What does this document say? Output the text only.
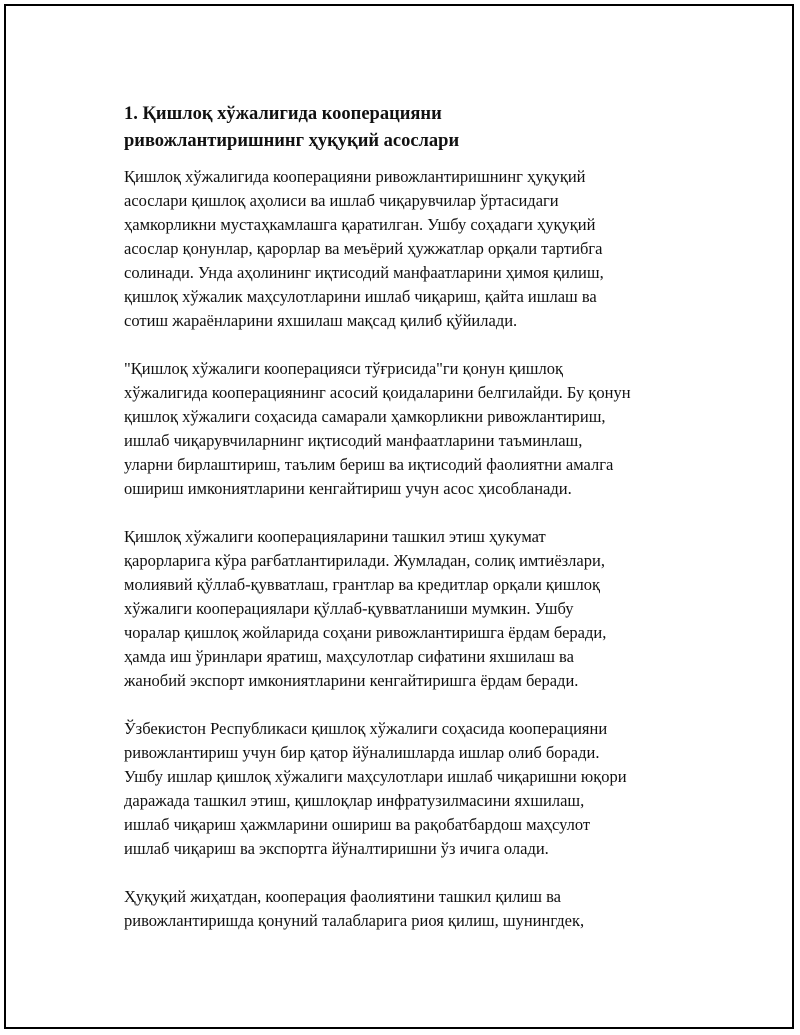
1. Қишлоқ хўжалигида кооперацияни
ривожлантиришнинг ҳуқуқий асослари

Қишлоқ хўжалигида кооперацияни ривожлантиришнинг ҳуқуқий
асослари қишлоқ аҳолиси ва ишлаб чиқарувчилар ўртасидаги
ҳамкорликни мустаҳкамлашга қаратилган. Ушбу соҳадаги ҳуқуқий
асослар қонунлар, қарорлар ва меъёрий ҳужжатлар орқали тартибга
солинади. Унда аҳолининг иқтисодий манфаатларини ҳимоя қилиш,
қишлоқ хўжалик маҳсулотларини ишлаб чиқариш, қайта ишлаш ва
сотиш жараёнларини яхшилаш мақсад қилиб қўйилади.

"Қишлоқ хўжалиги кооперацияси тўғрисида"ги қонун қишлоқ
хўжалигида кооперациянинг асосий қоидаларини белгилайди. Бу қонун
қишлоқ хўжалиги соҳасида самарали ҳамкорликни ривожлантириш,
ишлаб чиқарувчиларнинг иқтисодий манфаатларини таъминлаш,
уларни бирлаштириш, таълим бериш ва иқтисодий фаолиятни амалга
ошириш имкониятларини кенгайтириш учун асос ҳисобланади.

Қишлоқ хўжалиги кооперацияларини ташкил этиш ҳукумат
қарорларига кўра рағбатлантирилади. Жумладан, солиқ имтиёзлари,
молиявий қўллаб-қувватлаш, грантлар ва кредитлар орқали қишлоқ
хўжалиги кооперациялари қўллаб-қувватланиши мумкин. Ушбу
чоралар қишлоқ жойларида соҳани ривожлантиришга ёрдам беради,
ҳамда иш ўринлари яратиш, маҳсулотлар сифатини яхшилаш ва
жанобий экспорт имкониятларини кенгайтиришга ёрдам беради.

Ўзбекистон Республикаси қишлоқ хўжалиги соҳасида кооперацияни
ривожлантириш учун бир қатор йўналишларда ишлар олиб боради.
Ушбу ишлар қишлоқ хўжалиги маҳсулотлари ишлаб чиқаришни юқори
даражада ташкил этиш, қишлоқлар инфратузилмасини яхшилаш,
ишлаб чиқариш ҳажмларини ошириш ва рақобатбардош маҳсулот
ишлаб чиқариш ва экспортга йўналтиришни ўз ичига олади.

Ҳуқуқий жиҳатдан, кооперация фаолиятини ташкил қилиш ва
ривожлантиришда қонуний талабларига риоя қилиш, шунингдек,
